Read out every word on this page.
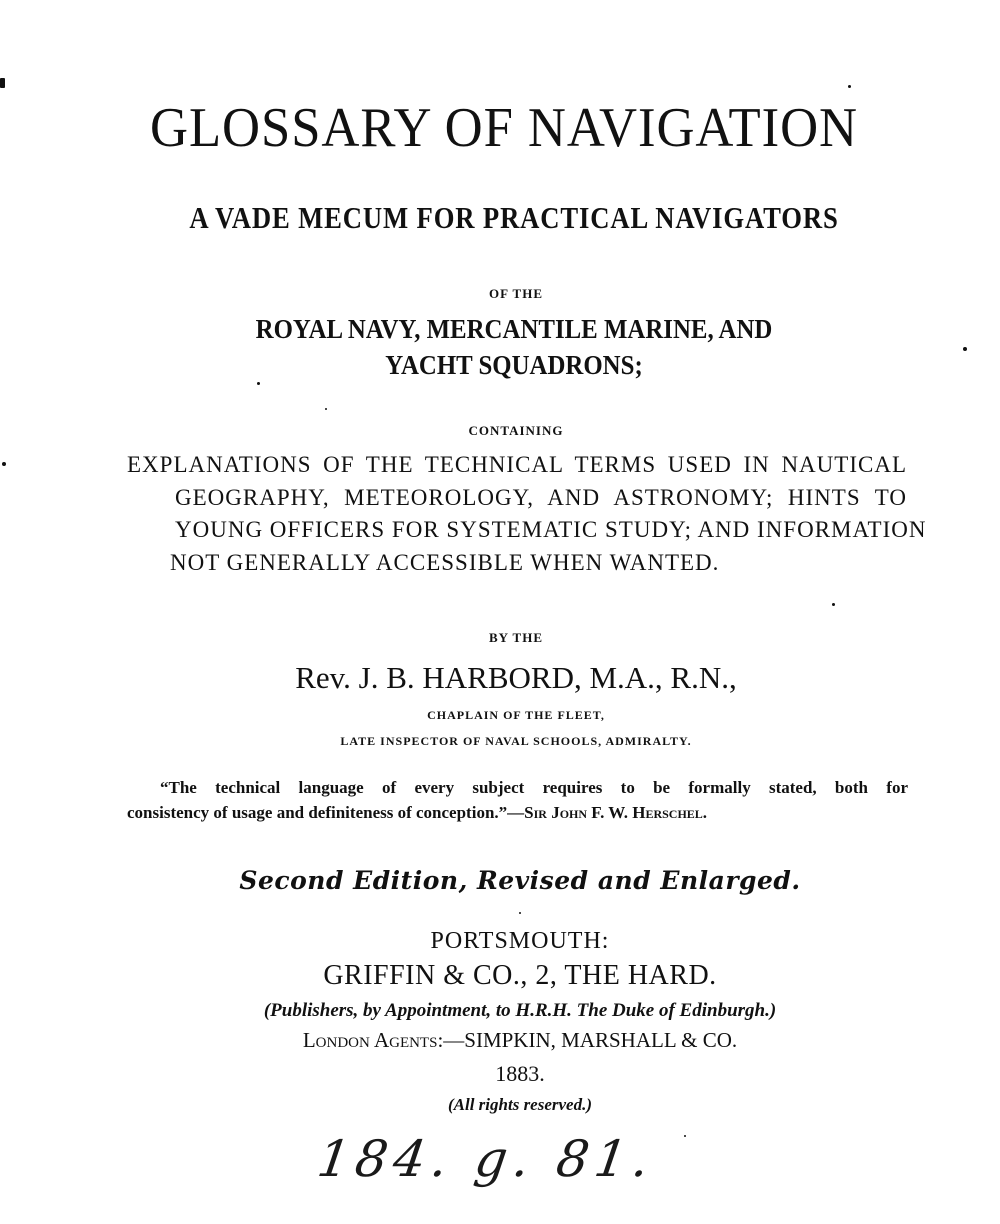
GLOSSARY OF NAVIGATION
A VADE MECUM FOR PRACTICAL NAVIGATORS
OF THE
ROYAL NAVY, MERCANTILE MARINE, AND
YACHT SQUADRONS;
CONTAINING
EXPLANATIONS OF THE TECHNICAL TERMS USED IN NAUTICAL
GEOGRAPHY, METEOROLOGY, AND ASTRONOMY; HINTS TO
YOUNG OFFICERS FOR SYSTEMATIC STUDY; AND INFORMATION
NOT GENERALLY ACCESSIBLE WHEN WANTED.
BY THE
Rev. J. B. HARBORD, M.A., R.N.,
CHAPLAIN OF THE FLEET,
LATE INSPECTOR OF NAVAL SCHOOLS, ADMIRALTY.
“The technical language of every subject requires to be formally stated, both for
consistency of usage and definiteness of conception.”—Sir John F. W. Herschel.
Second Edition, Revised and Enlarged.
PORTSMOUTH:
GRIFFIN & CO., 2, THE HARD.
(Publishers, by Appointment, to H.R.H. The Duke of Edinburgh.)
London Agents:—SIMPKIN, MARSHALL & CO.
1883.
(All rights reserved.)
184. g. 81.
